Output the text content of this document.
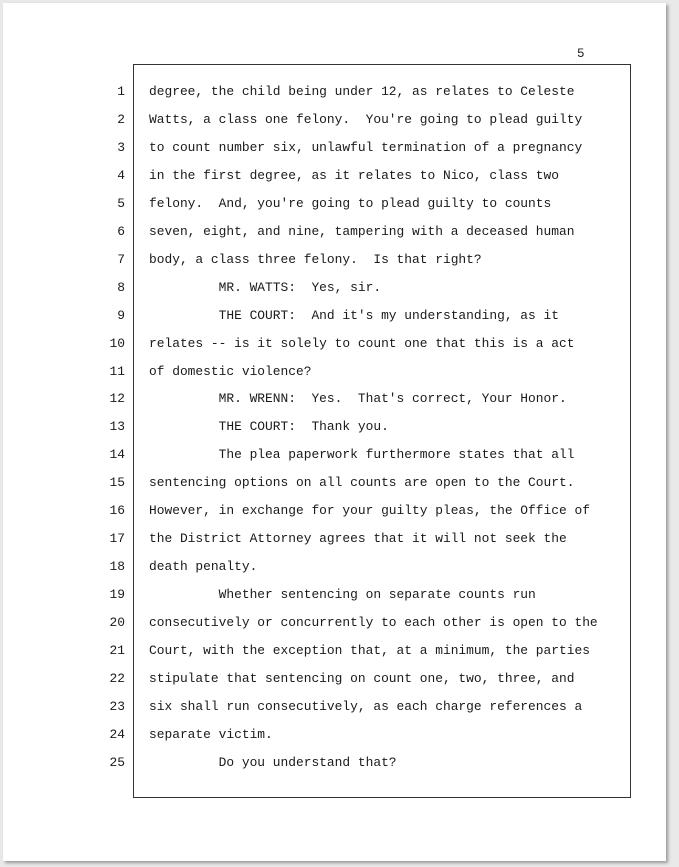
5
1 degree, the child being under 12, as relates to Celeste
2 Watts, a class one felony.  You're going to plead guilty
3 to count number six, unlawful termination of a pregnancy
4 in the first degree, as it relates to Nico, class two
5 felony.  And, you're going to plead guilty to counts
6 seven, eight, and nine, tampering with a deceased human
7 body, a class three felony.  Is that right?
8 MR. WATTS:  Yes, sir.
9 THE COURT:  And it's my understanding, as it
10 relates -- is it solely to count one that this is a act
11 of domestic violence?
12 MR. WRENN:  Yes.  That's correct, Your Honor.
13 THE COURT:  Thank you.
14 The plea paperwork furthermore states that all
15 sentencing options on all counts are open to the Court.
16 However, in exchange for your guilty pleas, the Office of
17 the District Attorney agrees that it will not seek the
18 death penalty.
19 Whether sentencing on separate counts run
20 consecutively or concurrently to each other is open to the
21 Court, with the exception that, at a minimum, the parties
22 stipulate that sentencing on count one, two, three, and
23 six shall run consecutively, as each charge references a
24 separate victim.
25 Do you understand that?
